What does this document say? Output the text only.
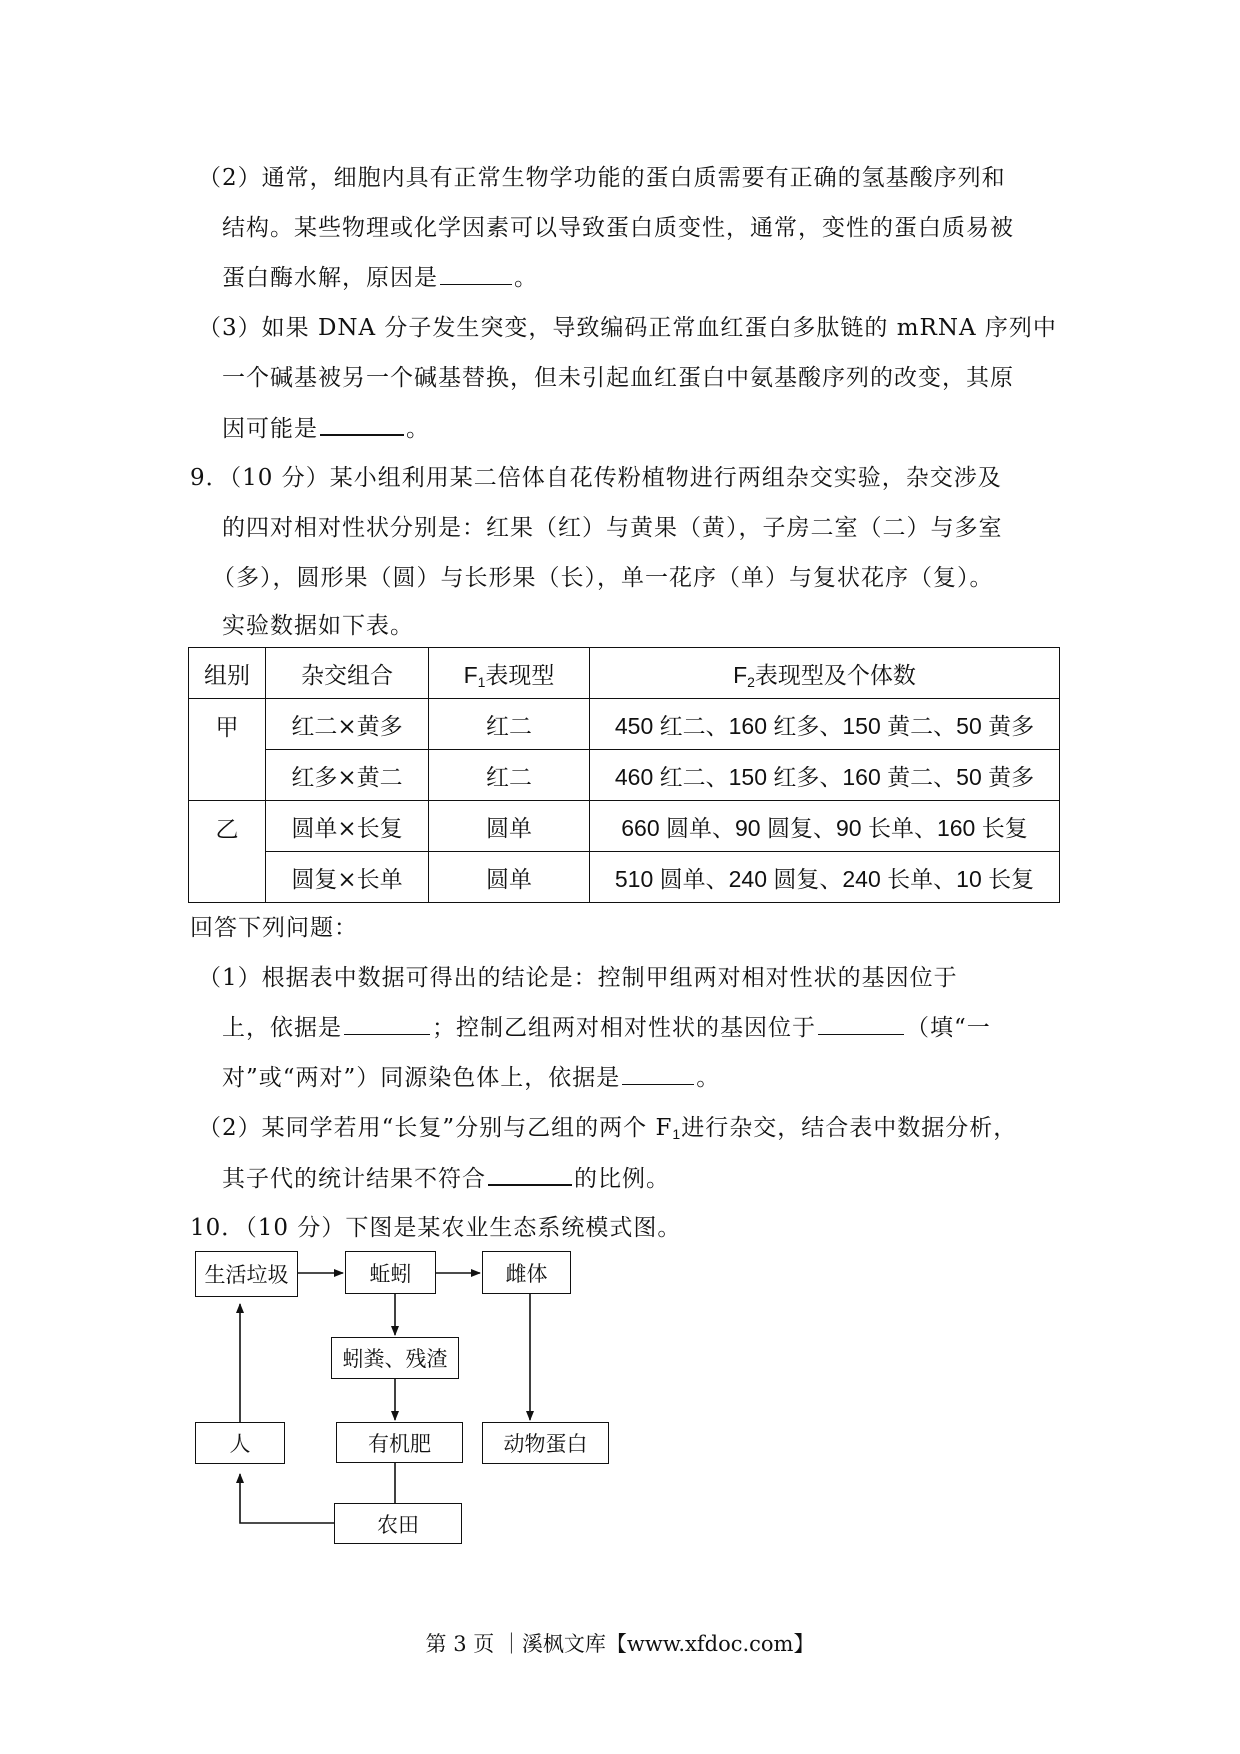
（2）通常，细胞内具有正常生物学功能的蛋白质需要有正确的氢基酸序列和
结构。某些物理或化学因素可以导致蛋白质变性，通常，变性的蛋白质易被
蛋白酶水解，原因是	。
（3）如果 DNA 分子发生突变，导致编码正常血红蛋白多肽链的 mRNA 序列中
一个碱基被另一个碱基替换，但未引起血红蛋白中氨基酸序列的改变，其原
因可能是	。
9．（10 分）某小组利用某二倍体自花传粉植物进行两组杂交实验，杂交涉及
的四对相对性状分别是：红果（红）与黄果（黄），子房二室（二）与多室
（多），圆形果（圆）与长形果（长），单一花序（单）与复状花序（复）。
实验数据如下表。
组别	杂交组合	$F_1$表现型	$F_2$表现型及个体数
甲	红二×黄多	红二	450 红二、160 红多、150 黄二、50 黄多
	红多×黄二	红二	460 红二、150 红多、160 黄二、50 黄多
乙	圆单×长复	圆单	660 圆单、90 圆复、90 长单、160 长复
	圆复×长单	圆单	510 圆单、240 圆复、240 长单、10 长复
回答下列问题：
（1）根据表中数据可得出的结论是：控制甲组两对相对性状的基因位于
上，依据是	；控制乙组两对相对性状的基因位于	（填“一
对”或“两对”）同源染色体上，依据是	。
（2）某同学若用“长复”分别与乙组的两个 $F_1$进行杂交，结合表中数据分析，
其子代的统计结果不符合	的比例。
10．（10 分）下图是某农业生态系统模式图。
生活垃圾	蚯蚓	雌体
蚓粪、残渣
人	有机肥	动物蛋白
农田
第 3 页 ｜溪枫文库【www.xfdoc.com】
